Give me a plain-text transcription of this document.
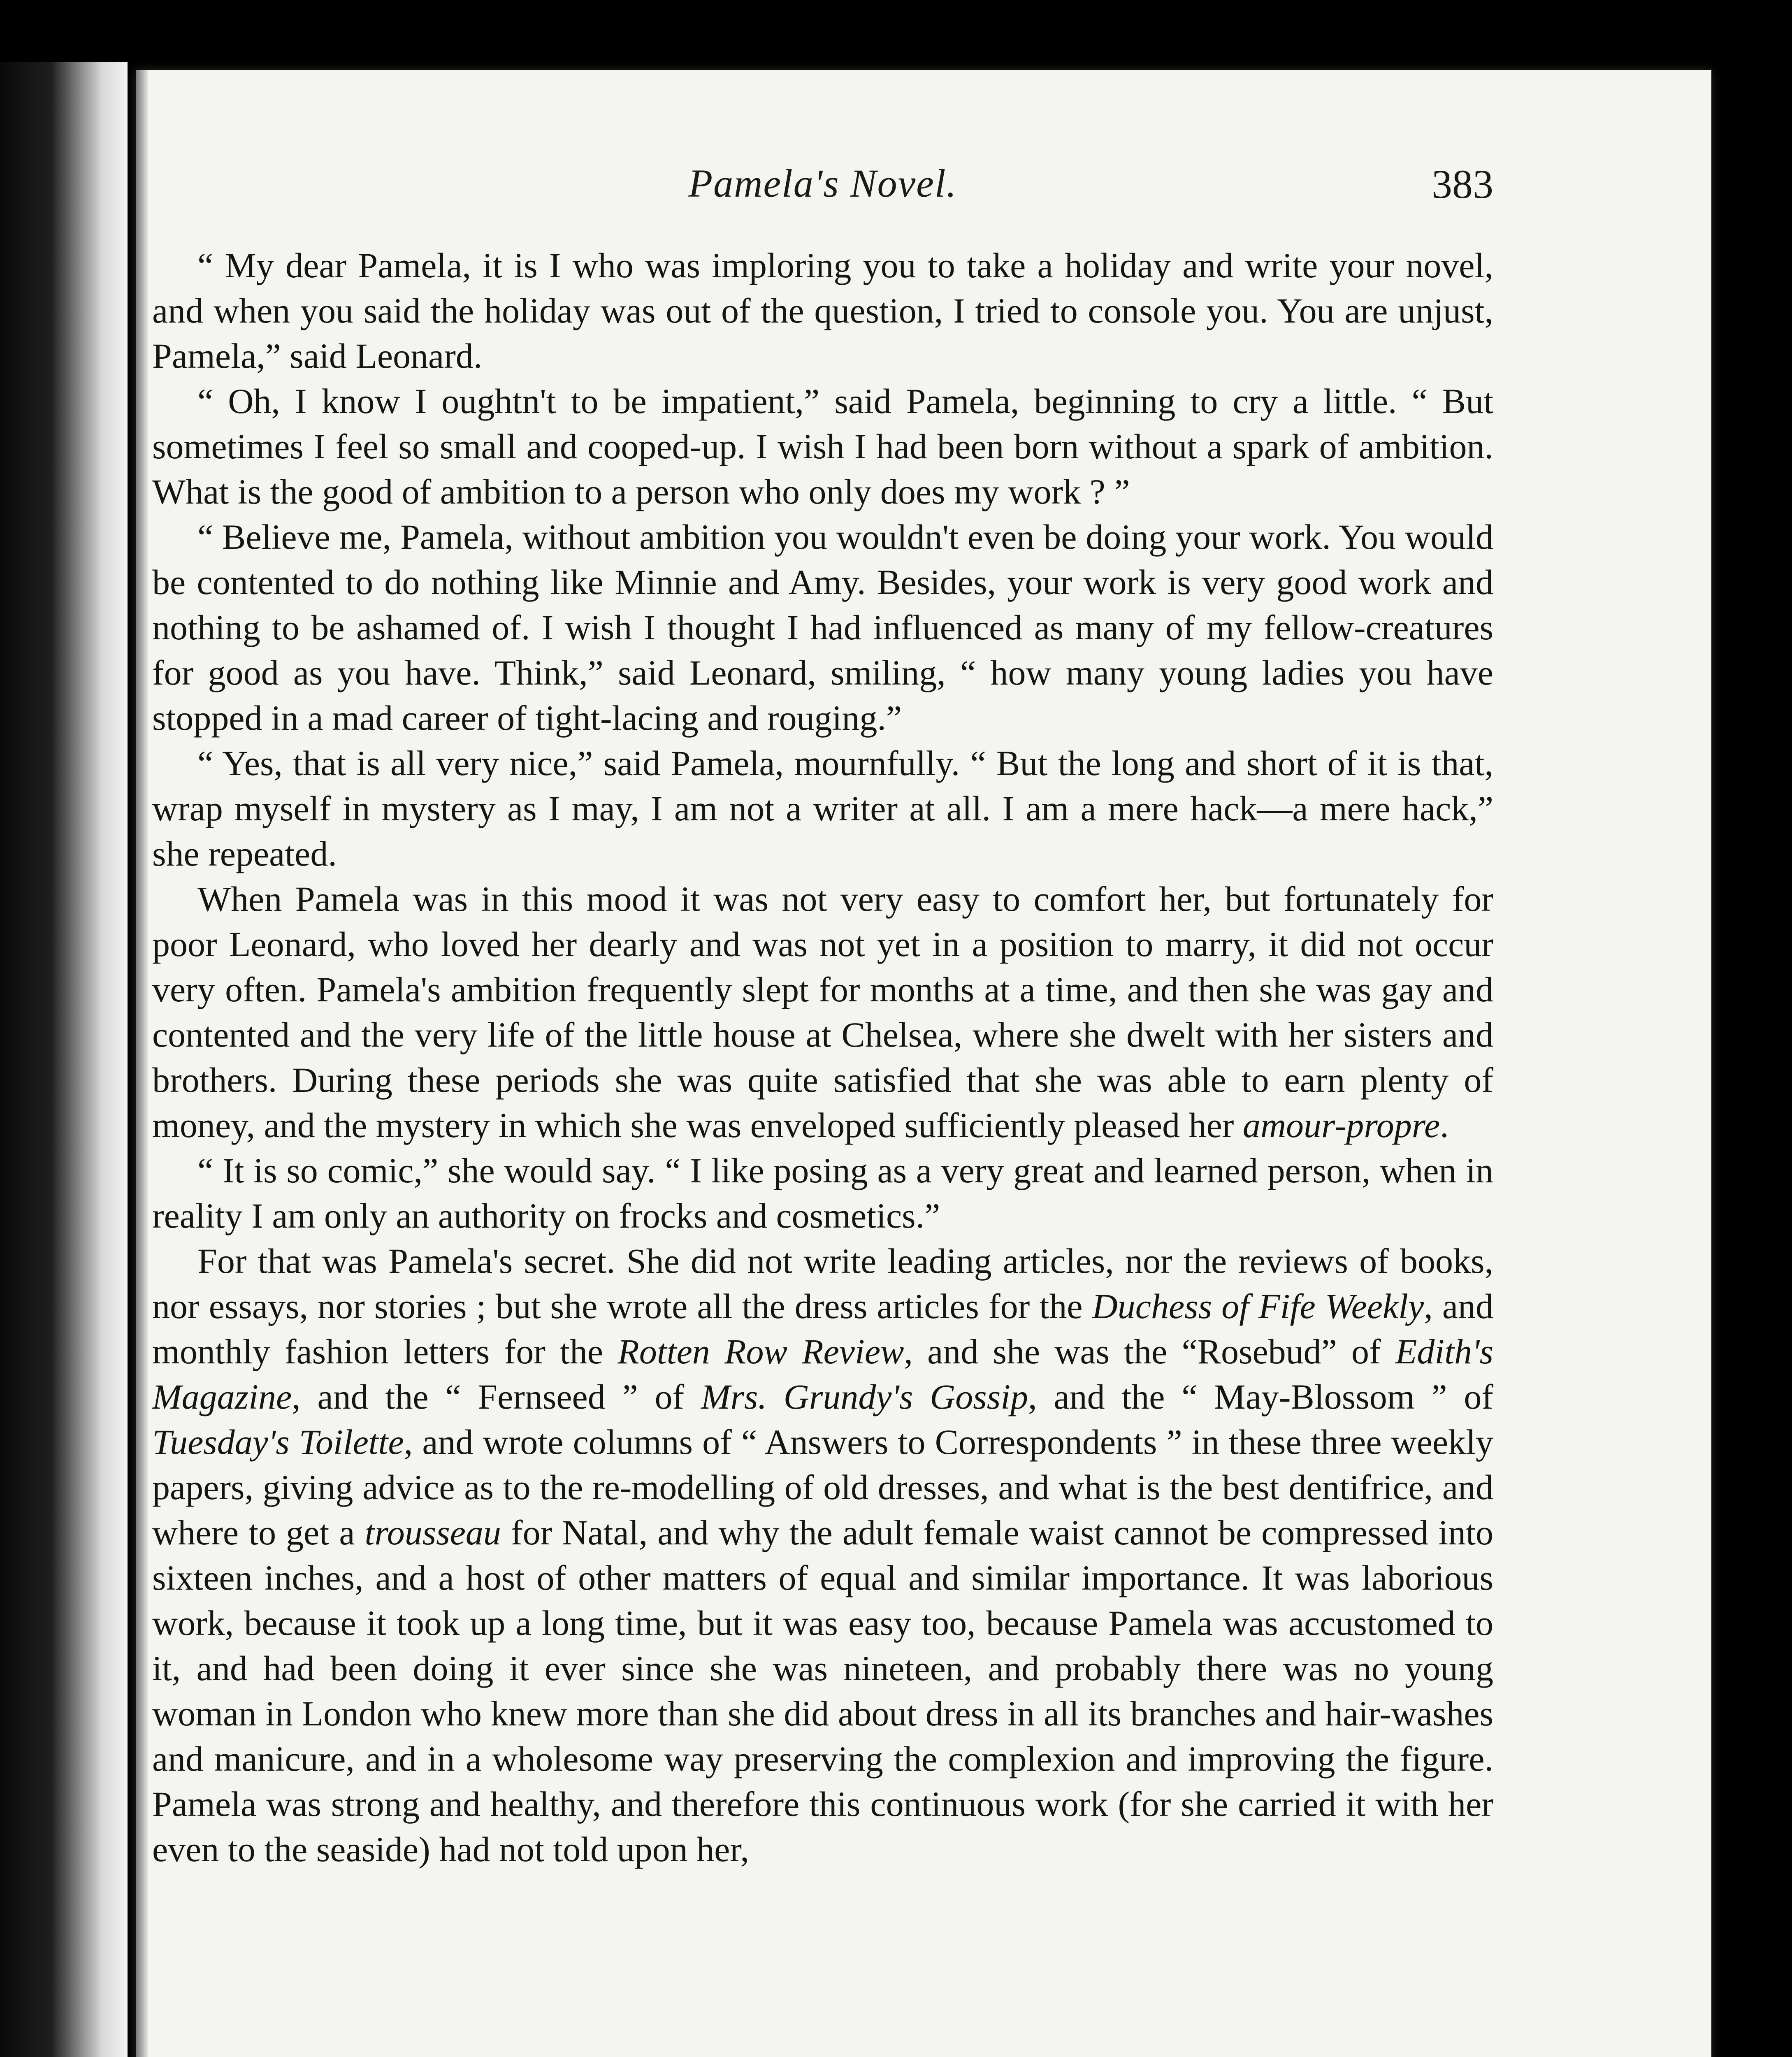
Pamela's Novel.	383

“ My dear Pamela, it is I who was imploring you to take a holiday and write your novel, and when you said the holiday was out of the question, I tried to console you. You are unjust, Pamela,” said Leonard.

“ Oh, I know I oughtn't to be impatient,” said Pamela, beginning to cry a little. “ But sometimes I feel so small and cooped-up. I wish I had been born without a spark of ambition. What is the good of ambition to a person who only does my work ? ”

“ Believe me, Pamela, without ambition you wouldn't even be doing your work. You would be contented to do nothing like Minnie and Amy. Besides, your work is very good work and nothing to be ashamed of. I wish I thought I had influenced as many of my fellow-creatures for good as you have. Think,” said Leonard, smiling, “ how many young ladies you have stopped in a mad career of tight-lacing and rouging.”

“ Yes, that is all very nice,” said Pamela, mournfully. “ But the long and short of it is that, wrap myself in mystery as I may, I am not a writer at all. I am a mere hack—a mere hack,” she repeated.

When Pamela was in this mood it was not very easy to comfort her, but fortunately for poor Leonard, who loved her dearly and was not yet in a position to marry, it did not occur very often. Pamela's ambition frequently slept for months at a time, and then she was gay and contented and the very life of the little house at Chelsea, where she dwelt with her sisters and brothers. During these periods she was quite satisfied that she was able to earn plenty of money, and the mystery in which she was enveloped sufficiently pleased her amour-propre.

“ It is so comic,” she would say. “ I like posing as a very great and learned person, when in reality I am only an authority on frocks and cosmetics.”

For that was Pamela's secret. She did not write leading articles, nor the reviews of books, nor essays, nor stories ; but she wrote all the dress articles for the Duchess of Fife Weekly, and monthly fashion letters for the Rotten Row Review, and she was the “Rosebud” of Edith's Magazine, and the “ Fernseed ” of Mrs. Grundy's Gossip, and the “ May-Blossom ” of Tuesday's Toilette, and wrote columns of “ Answers to Correspondents ” in these three weekly papers, giving advice as to the re-modelling of old dresses, and what is the best dentifrice, and where to get a trousseau for Natal, and why the adult female waist cannot be compressed into sixteen inches, and a host of other matters of equal and similar importance. It was laborious work, because it took up a long time, but it was easy too, because Pamela was accustomed to it, and had been doing it ever since she was nineteen, and probably there was no young woman in London who knew more than she did about dress in all its branches and hair-washes and manicure, and in a wholesome way preserving the complexion and improving the figure. Pamela was strong and healthy, and therefore this continuous work (for she carried it with her even to the seaside) had not told upon her,
